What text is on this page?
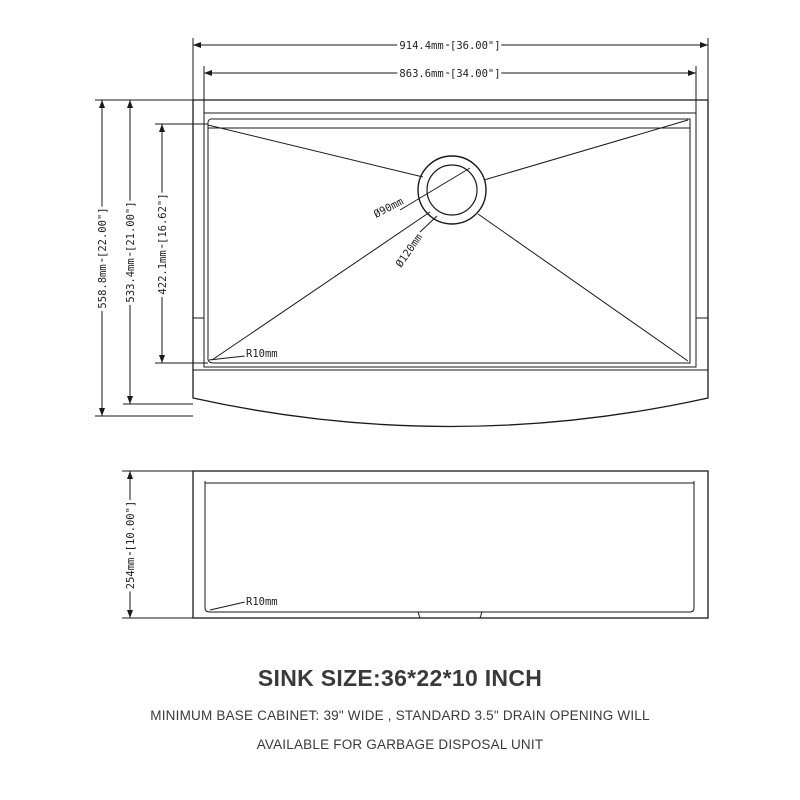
914.4mm [36.00"]
863.6mm [34.00"]
558.8mm [22.00"] 533.4mm [21.00"] 422.1mm [16.62"]	Ø90mm
Ø120mm
R10mm
254mm [10.00"]
R10mm
SINK SIZE:36*22*10 INCH
MINIMUM BASE CABINET: 39" WIDE , STANDARD 3.5" DRAIN OPENING WILL
AVAILABLE FOR GARBAGE DISPOSAL UNIT
